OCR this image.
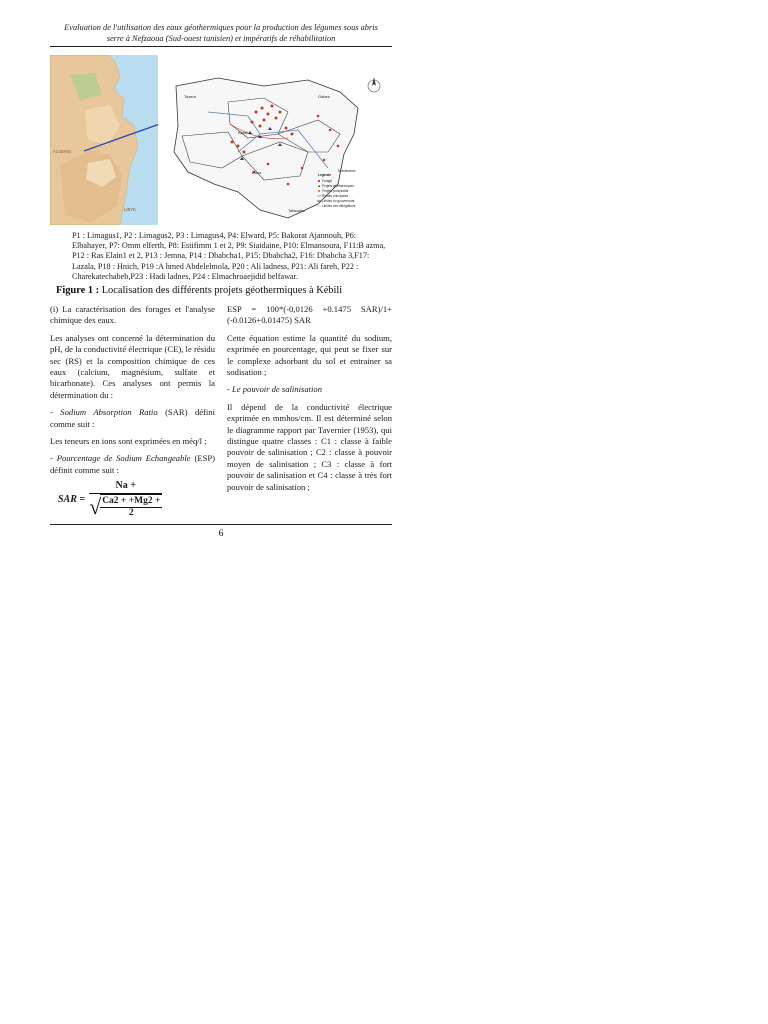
Evaluation de l'utilisation des eaux géothermiques pour la production des légumes sous abris
serre à Nefzaoua (Sud-ouest tunisien) et impératifs de réhabilitation
ALGERIE
LIBYE
Tozeur	Gabes
Kebili
Douz
Tataouine
Medenine
Légende
Forage
Projets géothermiques
Projets prospectifs
Routes principales
Limites du gouvernorat
Limites des délégations
P1 : Limagus1, P2 : Limagus2, P3 : Limagus4, P4: Elward, P5: Bakorat Ajannouh, P6: Elbahayer, P7: Omm elferth, P8: Estifimm 1 et 2, P9: Siaidaine, P10: Elmansoura, F11:B azma, P12 : Ras Elain1 et 2, P13 : Jemna, P14 : Dbabcha1, P15: Dbabcha2, F16: Dbabcha 3,F17: Lazala, P18 : Hnich, P19 :A hmed Abdelelmola, P20 : Ali ladness, P21: Ali fareh, P22 : Charekatechabeb,P23 : Hadi ladnes, P24 : Elmachroaejidid belfawar.
Figure 1 : Localisation des différents projets géothermiques à Kébili

(i) La caractérisation des forages et l'analyse chimique des eaux.

Les analyses ont concerné la détermination du pH, de la conductivité électrique (CE), le résidu sec (RS) et la composition chimique de ces eaux (calcium, magnésium, sulfate et bicarbonate). Ces analyses ont permis la détermination du :

- Sodium Absorption Ratio (SAR) défini comme suit :

Les teneurs en ions sont exprimées en méq/l ;

- Pourcentage de Sodium Echangeable (ESP) définit comme suit :

SAR = Na +
√ Ca2 + +Mg2 +
2

ESP = 100*(-0,0126 +0.1475 SAR)/1+ (-0.0126+0.01475) SAR

Cette équation estime la quantité du sodium, exprimée en pourcentage, qui peut se fixer sur le complexe adsorbant du sol et entrainer sa sodisation ;

- Le pouvoir de salinisation

Il dépend de la conductivité électrique exprimée en mmhos/cm. Il est déterminé selon le diagramme rapport par Tavernier (1953), qui distingue quatre classes : C1 : classe à faible pouvoir de salinisation ; C2 : classe à pouvoir moyen de salinisation ; C3 : classe à fort pouvoir de salinisation et C4 : classe à très fort pouvoir de salinisation ;

6
